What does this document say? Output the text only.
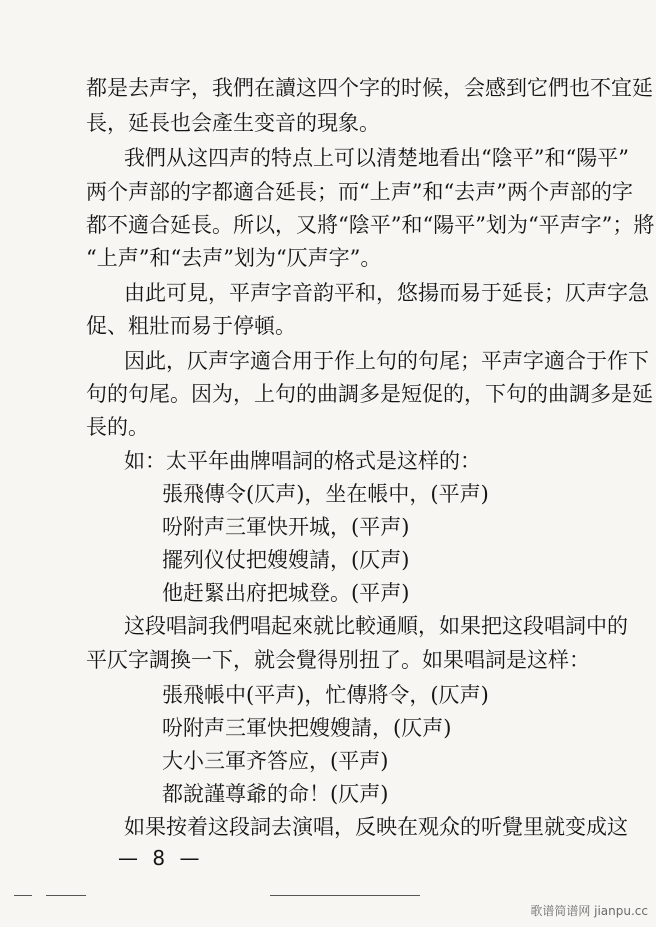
都是去声字，我們在讀这四个字的时候，会感到它們也不宜延
長，延長也会產生变音的現象。
我們从这四声的特点上可以清楚地看出“陰平”和“陽平”
两个声部的字都適合延長；而“上声”和“去声”两个声部的字
都不適合延長。所以，又將“陰平”和“陽平”划为“平声字”；將
“上声”和“去声”划为“仄声字”。
由此可見，平声字音韵平和，悠揚而易于延長；仄声字急
促、粗壯而易于停頓。
因此，仄声字適合用于作上句的句尾；平声字適合于作下
句的句尾。因为，上句的曲調多是短促的，下句的曲調多是延
長的。
如：太平年曲牌唱詞的格式是这样的：
張飛傳令(仄声)，坐在帳中，(平声)
吩附声三軍快开城，(平声)
擺列仪仗把嫂嫂請，(仄声)
他赶緊出府把城登。(平声)
这段唱詞我們唱起來就比較通順，如果把这段唱詞中的
平仄字調換一下，就会覺得別扭了。如果唱詞是这样：
張飛帳中(平声)，忙傳將令，(仄声)
吩附声三軍快把嫂嫂請，(仄声)
大小三軍齐答应，(平声)
都說謹尊爺的命！(仄声)
如果按着这段詞去演唱，反映在观众的听覺里就变成这
— 8 —
歌谱简谱网 jianpu.cc
